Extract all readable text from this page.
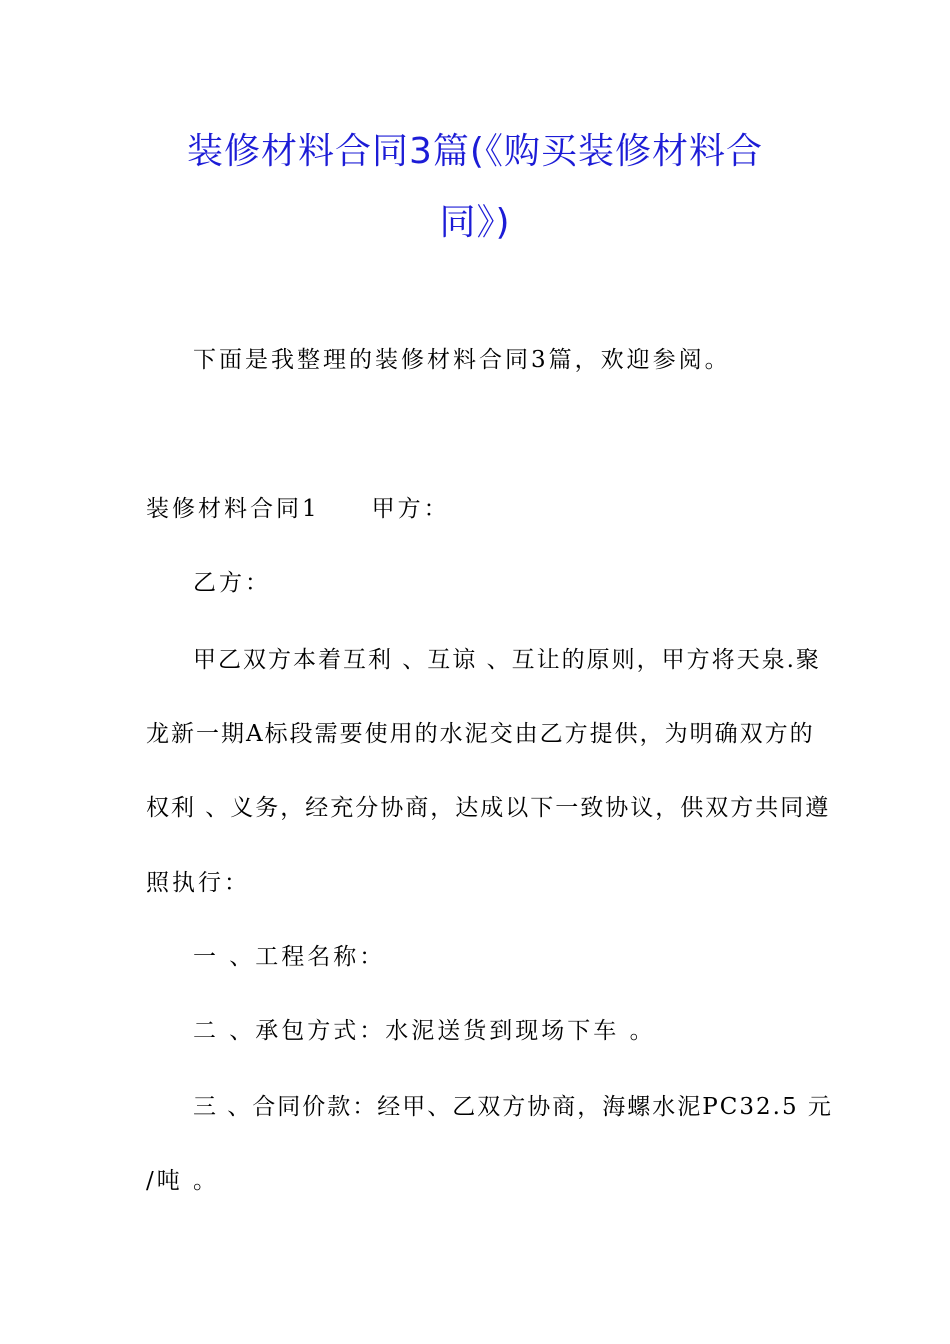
装修材料合同3篇(《购买装修材料合
同》)
下面是我整理的装修材料合同3篇，欢迎参阅。
装修材料合同1 甲方：
乙方：
甲乙双方本着互利 、互谅 、互让的原则，甲方将天泉.聚
龙新一期A标段需要使用的水泥交由乙方提供，为明确双方的
权利 、义务，经充分协商，达成以下一致协议，供双方共同遵
照执行：
一 、工程名称：
二 、承包方式：水泥送货到现场下车 。
三 、合同价款：经甲、乙双方协商，海螺水泥PC32.5 元
/吨 。
